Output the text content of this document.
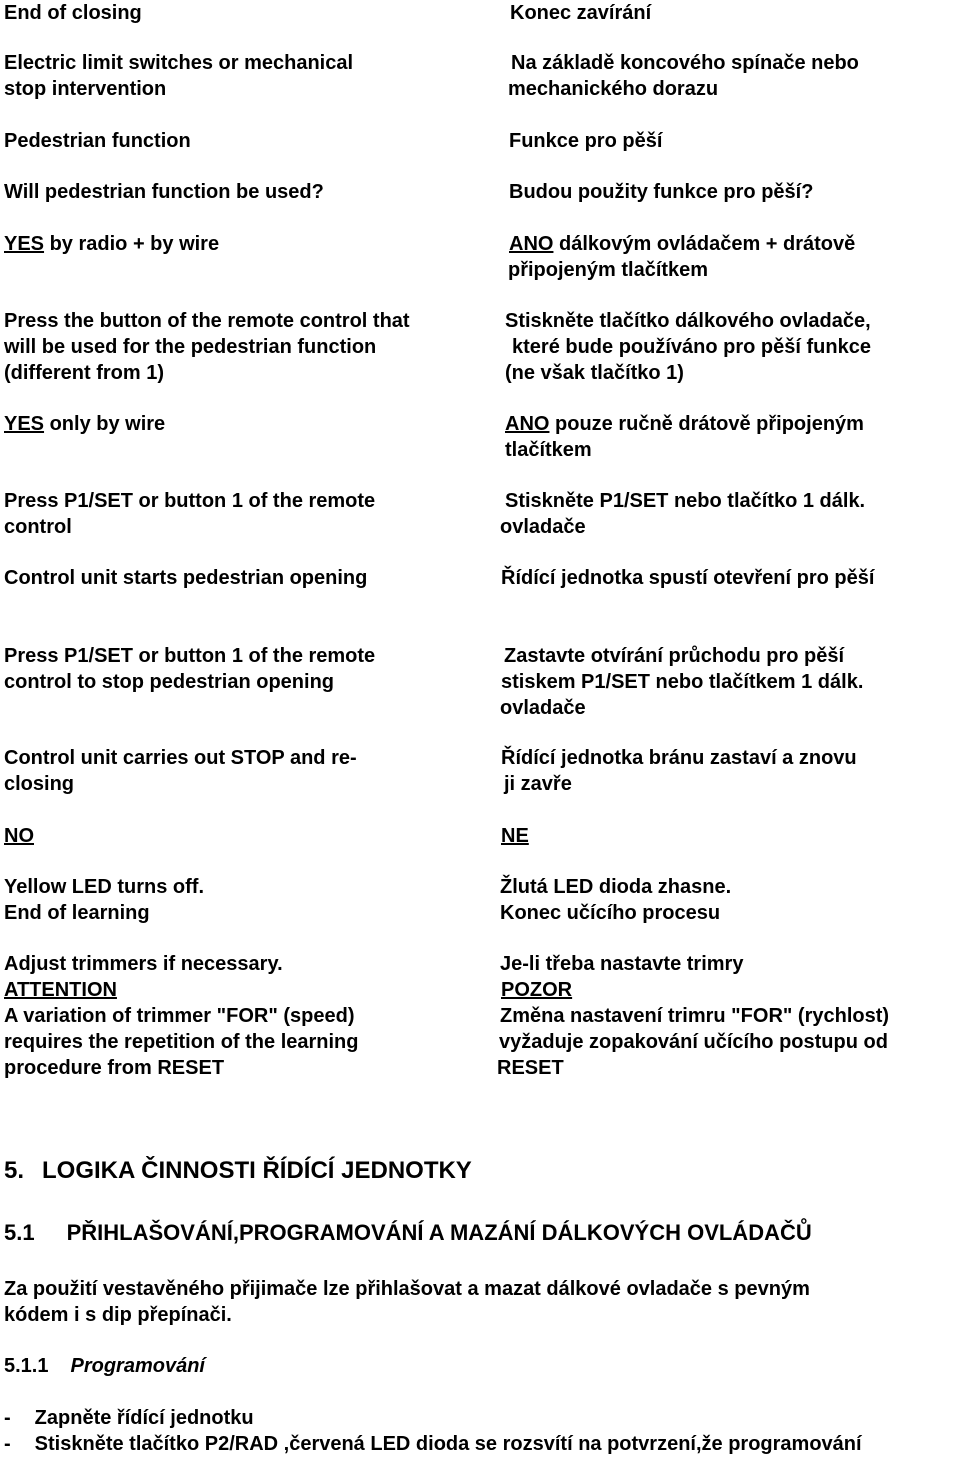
End of closing
Electric limit switches or mechanical
stop intervention
Pedestrian function
Will pedestrian function be used?
YES by radio + by wire
Press the button of the remote control that
will be used for the pedestrian function
(different from 1)
YES only by wire
Press P1/SET or button 1 of the remote
control
Control unit starts pedestrian opening
Press P1/SET or button 1 of the remote
control to stop pedestrian opening
Control unit carries out STOP and re-
closing
NO
Yellow LED turns off.
End of learning
Adjust trimmers if necessary.
ATTENTION
A variation of trimmer "FOR" (speed)
requires the repetition of the learning
procedure from RESET
Konec zavírání
Na základě koncového spínače nebo
mechanického dorazu
Funkce pro pěší
Budou použity funkce pro pěší?
ANO dálkovým ovládačem + drátově
připojeným tlačítkem
Stiskněte tlačítko dálkového ovladače,
které bude používáno pro pěší funkce
(ne však tlačítko 1)
ANO pouze ručně drátově připojeným
tlačítkem
Stiskněte P1/SET nebo tlačítko 1 dálk.
ovladače
Řídící jednotka spustí otevření pro pěší
Zastavte otvírání průchodu pro pěší
stiskem P1/SET nebo tlačítkem 1 dálk.
ovladače
Řídící jednotka bránu zastaví a znovu
ji zavře
NE
Žlutá LED dioda zhasne.
Konec učícího procesu
Je-li třeba nastavte trimry
POZOR
Změna nastavení trimru "FOR" (rychlost)
vyžaduje zopakování učícího postupu od
RESET
5. LOGIKA ČINNOSTI ŘÍDÍCÍ JEDNOTKY
5.1 PŘIHLAŠOVÁNÍ,PROGRAMOVÁNÍ A MAZÁNÍ DÁLKOVÝCH OVLÁDAČŮ
Za použití vestavěného přijimače lze přihlašovat a mazat dálkové ovladače s pevným
kódem i s dip přepínači.
5.1.1 Programování
- Zapněte řídící jednotku
- Stiskněte tlačítko P2/RAD ,červená LED dioda se rozsvítí na potvrzení,že programování
